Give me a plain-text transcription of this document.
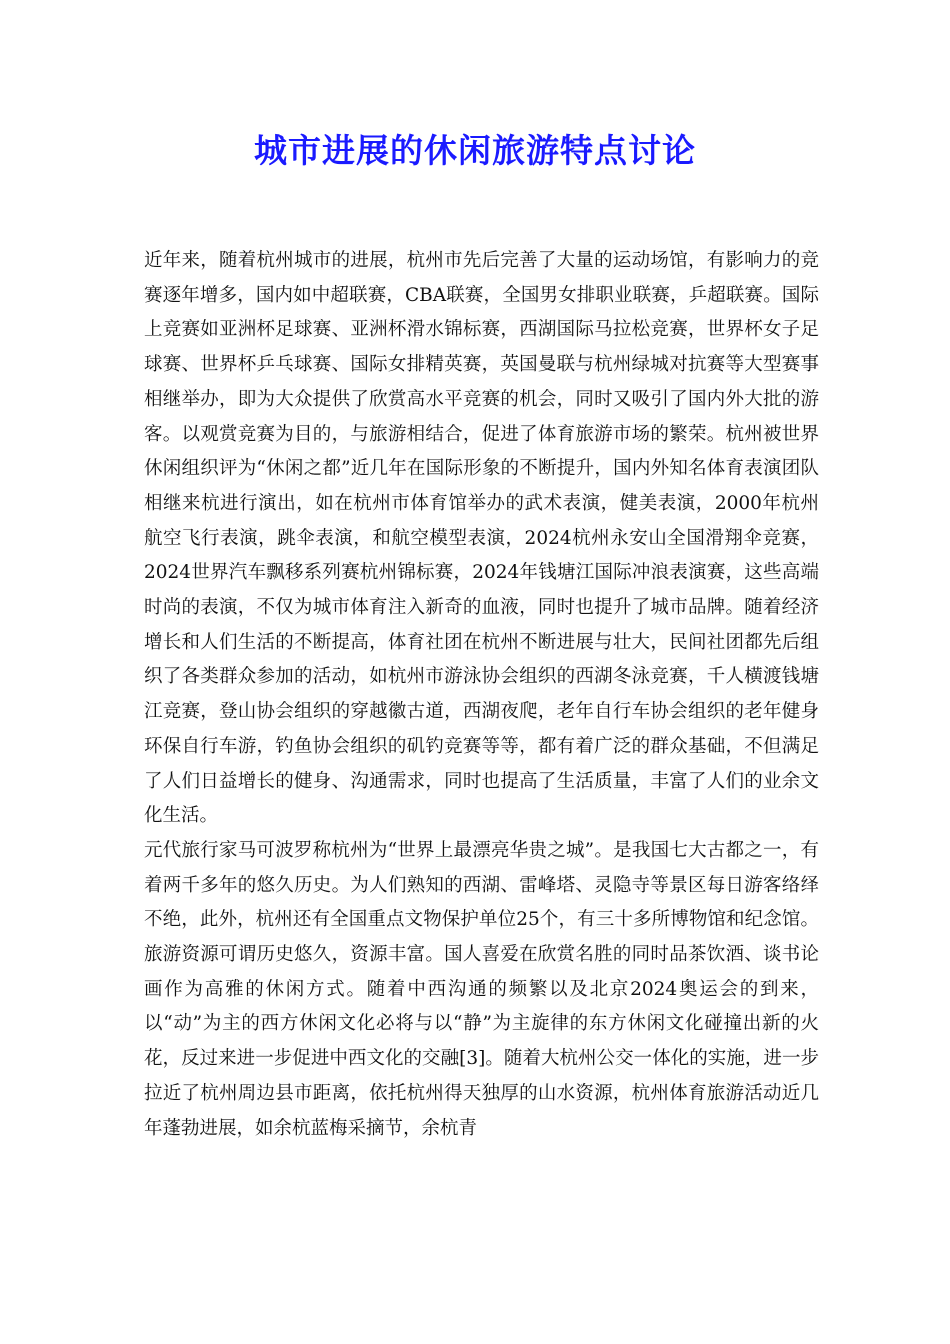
城市进展的休闲旅游特点讨论

近年来，随着杭州城市的进展，杭州市先后完善了大量的运动场馆，有影响力的竞赛逐年增多，国内如中超联赛，CBA联赛，全国男女排职业联赛，乒超联赛。国际上竞赛如亚洲杯足球赛、亚洲杯滑水锦标赛，西湖国际马拉松竞赛，世界杯女子足球赛、世界杯乒乓球赛、国际女排精英赛，英国曼联与杭州绿城对抗赛等大型赛事相继举办，即为大众提供了欣赏高水平竞赛的机会，同时又吸引了国内外大批的游客。以观赏竞赛为目的，与旅游相结合，促进了体育旅游市场的繁荣。杭州被世界休闲组织评为“休闲之都”近几年在国际形象的不断提升，国内外知名体育表演团队相继来杭进行演出，如在杭州市体育馆举办的武术表演，健美表演，2000年杭州航空飞行表演，跳伞表演，和航空模型表演，2024杭州永安山全国滑翔伞竞赛，2024世界汽车飘移系列赛杭州锦标赛，2024年钱塘江国际冲浪表演赛，这些高端时尚的表演，不仅为城市体育注入新奇的血液，同时也提升了城市品牌。随着经济增长和人们生活的不断提高，体育社团在杭州不断进展与壮大，民间社团都先后组织了各类群众参加的活动，如杭州市游泳协会组织的西湖冬泳竞赛，千人横渡钱塘江竞赛，登山协会组织的穿越徽古道，西湖夜爬，老年自行车协会组织的老年健身环保自行车游，钓鱼协会组织的矶钓竞赛等等，都有着广泛的群众基础，不但满足了人们日益增长的健身、沟通需求，同时也提高了生活质量，丰富了人们的业余文化生活。

元代旅行家马可波罗称杭州为“世界上最漂亮华贵之城”。是我国七大古都之一，有着两千多年的悠久历史。为人们熟知的西湖、雷峰塔、灵隐寺等景区每日游客络绎不绝，此外，杭州还有全国重点文物保护单位25个，有三十多所博物馆和纪念馆。旅游资源可谓历史悠久，资源丰富。国人喜爱在欣赏名胜的同时品茶饮酒、谈书论画作为高雅的休闲方式。随着中西沟通的频繁以及北京2024奥运会的到来，以“动”为主的西方休闲文化必将与以“静”为主旋律的东方休闲文化碰撞出新的火花，反过来进一步促进中西文化的交融[3]。随着大杭州公交一体化的实施，进一步拉近了杭州周边县市距离，依托杭州得天独厚的山水资源，杭州体育旅游活动近几年蓬勃进展，如余杭蓝梅采摘节，余杭青
